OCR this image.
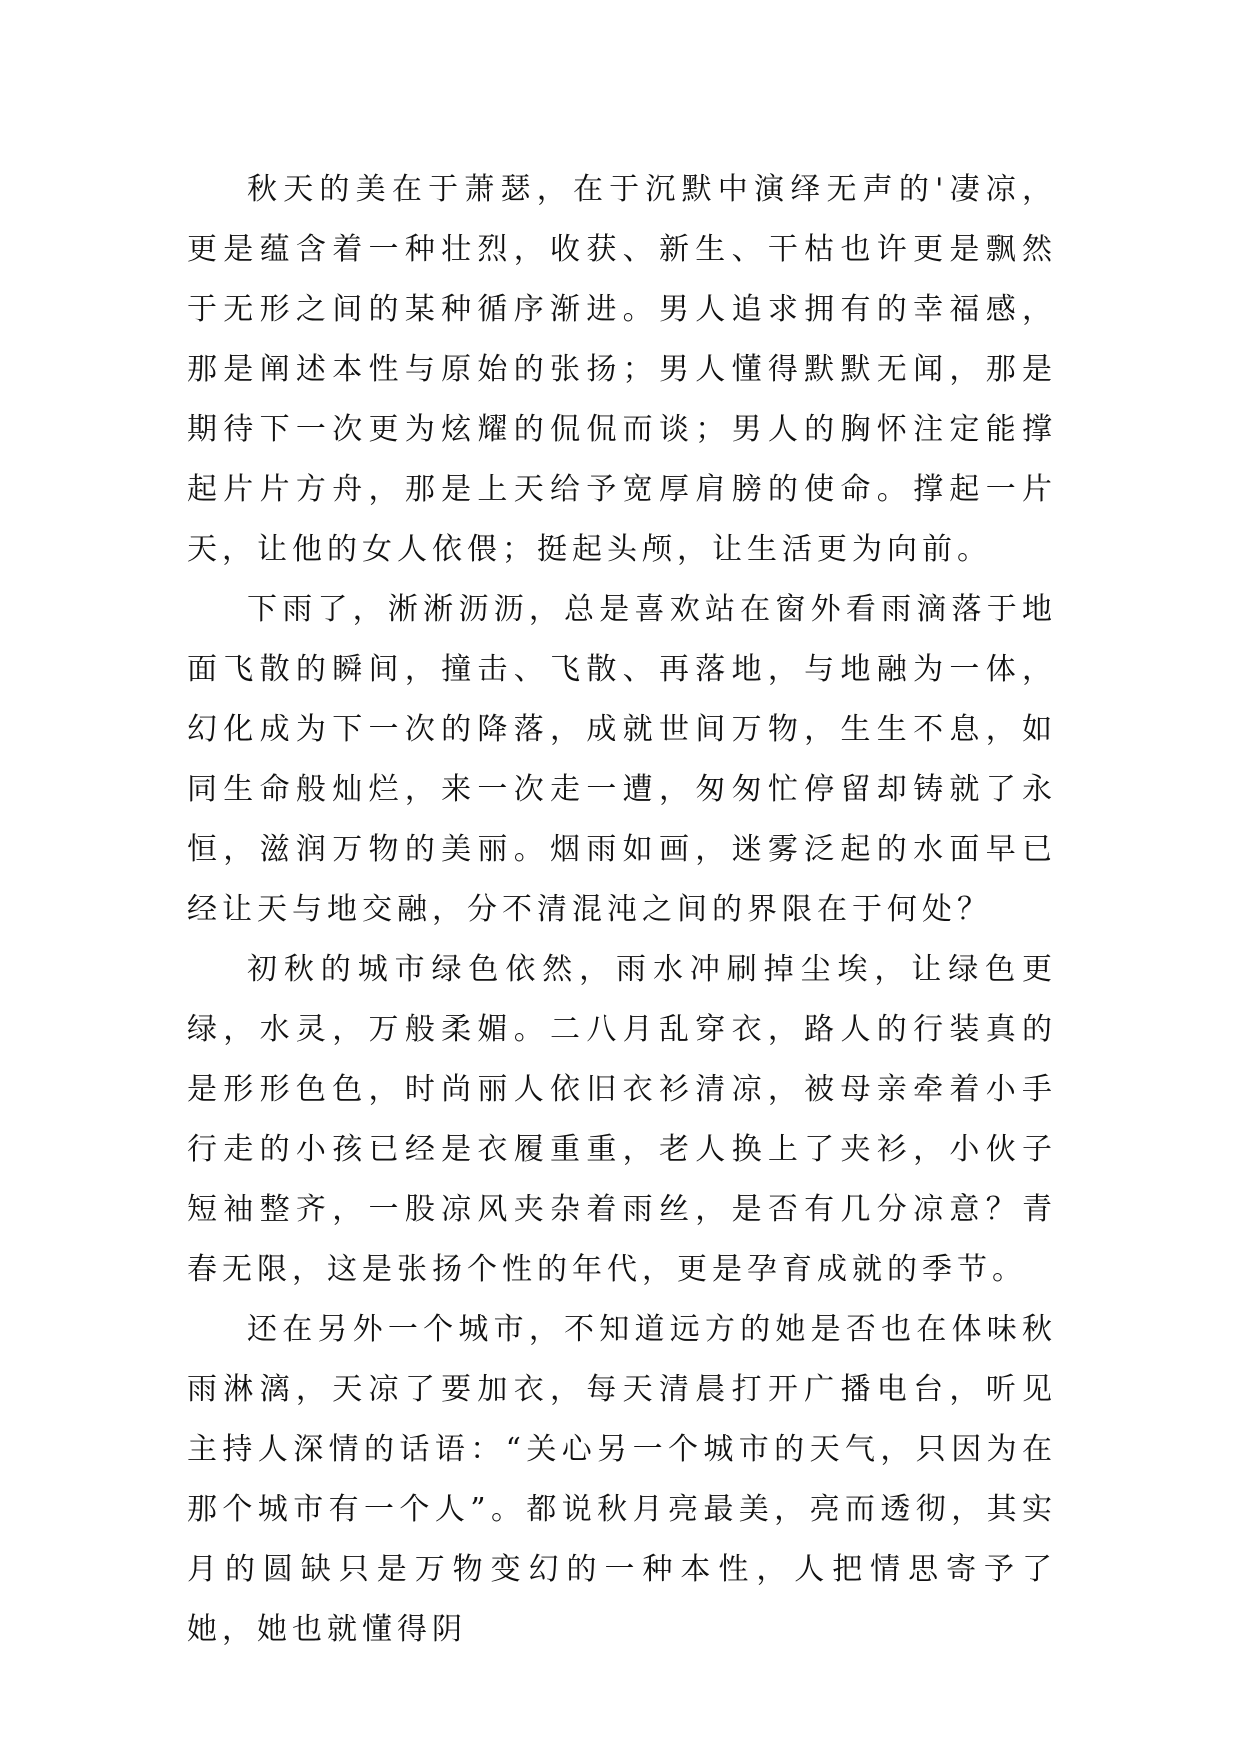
秋天的美在于萧瑟，在于沉默中演绎无声的'凄凉，更是蕴含着一种壮烈，收获、新生、干枯也许更是飘然于无形之间的某种循序渐进。男人追求拥有的幸福感，那是阐述本性与原始的张扬；男人懂得默默无闻，那是期待下一次更为炫耀的侃侃而谈；男人的胸怀注定能撑起片片方舟，那是上天给予宽厚肩膀的使命。撑起一片天，让他的女人依偎；挺起头颅，让生活更为向前。

下雨了，淅淅沥沥，总是喜欢站在窗外看雨滴落于地面飞散的瞬间，撞击、飞散、再落地，与地融为一体，幻化成为下一次的降落，成就世间万物，生生不息，如同生命般灿烂，来一次走一遭，匆匆忙停留却铸就了永恒，滋润万物的美丽。烟雨如画，迷雾泛起的水面早已经让天与地交融，分不清混沌之间的界限在于何处？

初秋的城市绿色依然，雨水冲刷掉尘埃，让绿色更绿，水灵，万般柔媚。二八月乱穿衣，路人的行装真的是形形色色，时尚丽人依旧衣衫清凉，被母亲牵着小手行走的小孩已经是衣履重重，老人换上了夹衫，小伙子短袖整齐，一股凉风夹杂着雨丝，是否有几分凉意？青春无限，这是张扬个性的年代，更是孕育成就的季节。

还在另外一个城市，不知道远方的她是否也在体味秋雨淋漓，天凉了要加衣，每天清晨打开广播电台，听见主持人深情的话语：“关心另一个城市的天气，只因为在那个城市有一个人”。都说秋月亮最美，亮而透彻，其实月的圆缺只是万物变幻的一种本性，人把情思寄予了她，她也就懂得阴
